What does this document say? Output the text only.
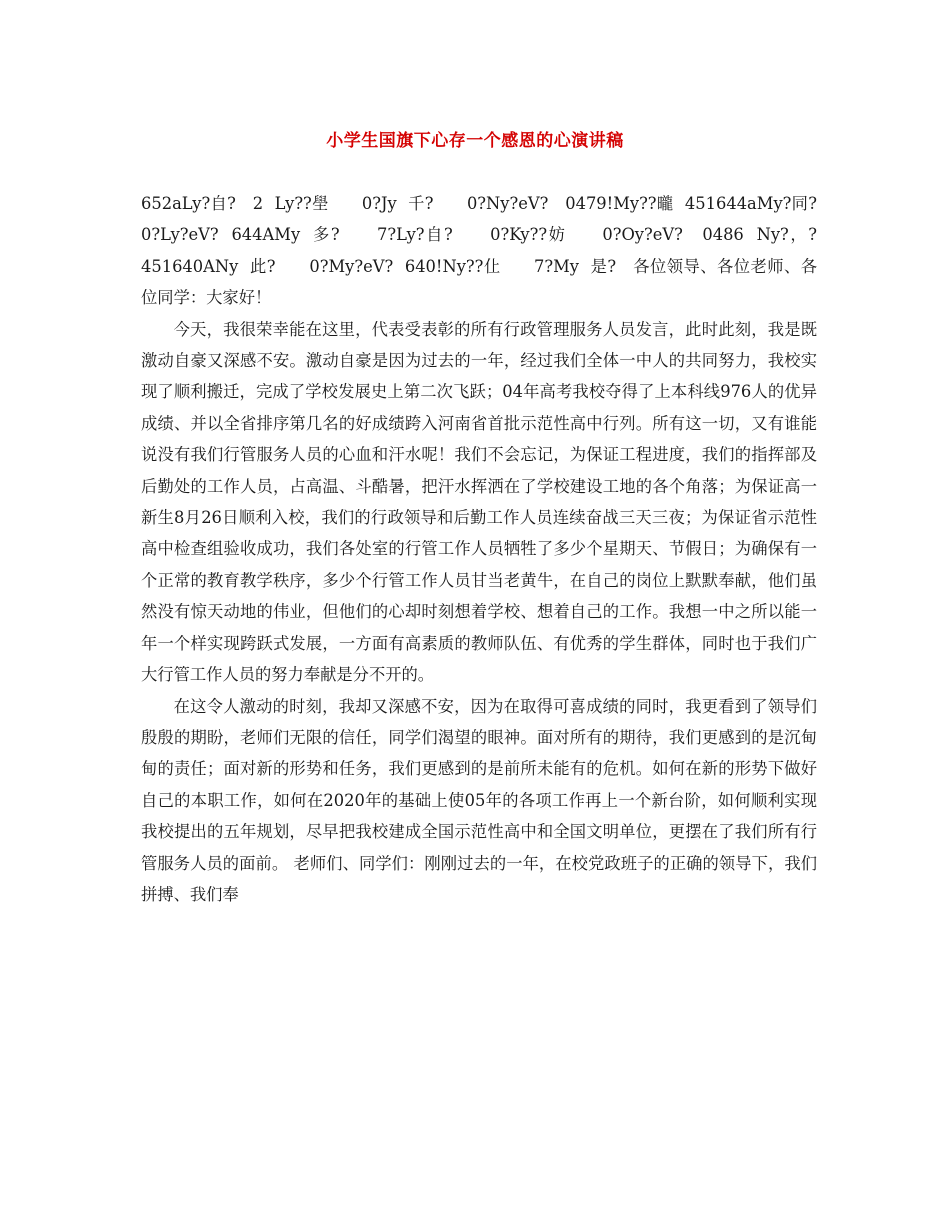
小学生国旗下心存一个感恩的心演讲稿

652aLy?自?　2 Ly??壆　　0?Jy 千?　　0?Ny?eV?　0479!My??曨 451644aMy?同? 0?Ly?eV? 644AMy 多?　　7?Ly?自?　　0?Ky??妨　　0?Oy?eV?　0486 Ny?，? 451640ANy 此?　　0?My?eV? 640!Ny??仩　　7?My 是?　各位领导、各位老师、各位同学：大家好！

今天，我很荣幸能在这里，代表受表彰的所有行政管理服务人员发言，此时此刻，我是既激动自豪又深感不安。激动自豪是因为过去的一年，经过我们全体一中人的共同努力，我校实现了顺利搬迁，完成了学校发展史上第二次飞跃；04年高考我校夺得了上本科线976人的优异成绩、并以全省排序第几名的好成绩跨入河南省首批示范性高中行列。所有这一切，又有谁能说没有我们行管服务人员的心血和汗水呢！我们不会忘记，为保证工程进度，我们的指挥部及后勤处的工作人员，占高温、斗酷暑，把汗水挥洒在了学校建设工地的各个角落；为保证高一新生8月26日顺利入校，我们的行政领导和后勤工作人员连续奋战三天三夜；为保证省示范性高中检查组验收成功，我们各处室的行管工作人员牺牲了多少个星期天、节假日；为确保有一个正常的教育教学秩序，多少个行管工作人员甘当老黄牛，在自己的岗位上默默奉献，他们虽然没有惊天动地的伟业，但他们的心却时刻想着学校、想着自己的工作。我想一中之所以能一年一个样实现跨跃式发展，一方面有高素质的教师队伍、有优秀的学生群体，同时也于我们广大行管工作人员的努力奉献是分不开的。

在这令人激动的时刻，我却又深感不安，因为在取得可喜成绩的同时，我更看到了领导们殷殷的期盼，老师们无限的信任，同学们渴望的眼神。面对所有的期待，我们更感到的是沉甸甸的责任；面对新的形势和任务，我们更感到的是前所未能有的危机。如何在新的形势下做好自己的本职工作，如何在2020年的基础上使05年的各项工作再上一个新台阶，如何顺利实现我校提出的五年规划，尽早把我校建成全国示范性高中和全国文明单位，更摆在了我们所有行管服务人员的面前。 老师们、同学们：刚刚过去的一年，在校党政班子的正确的领导下，我们拼搏、我们奉
